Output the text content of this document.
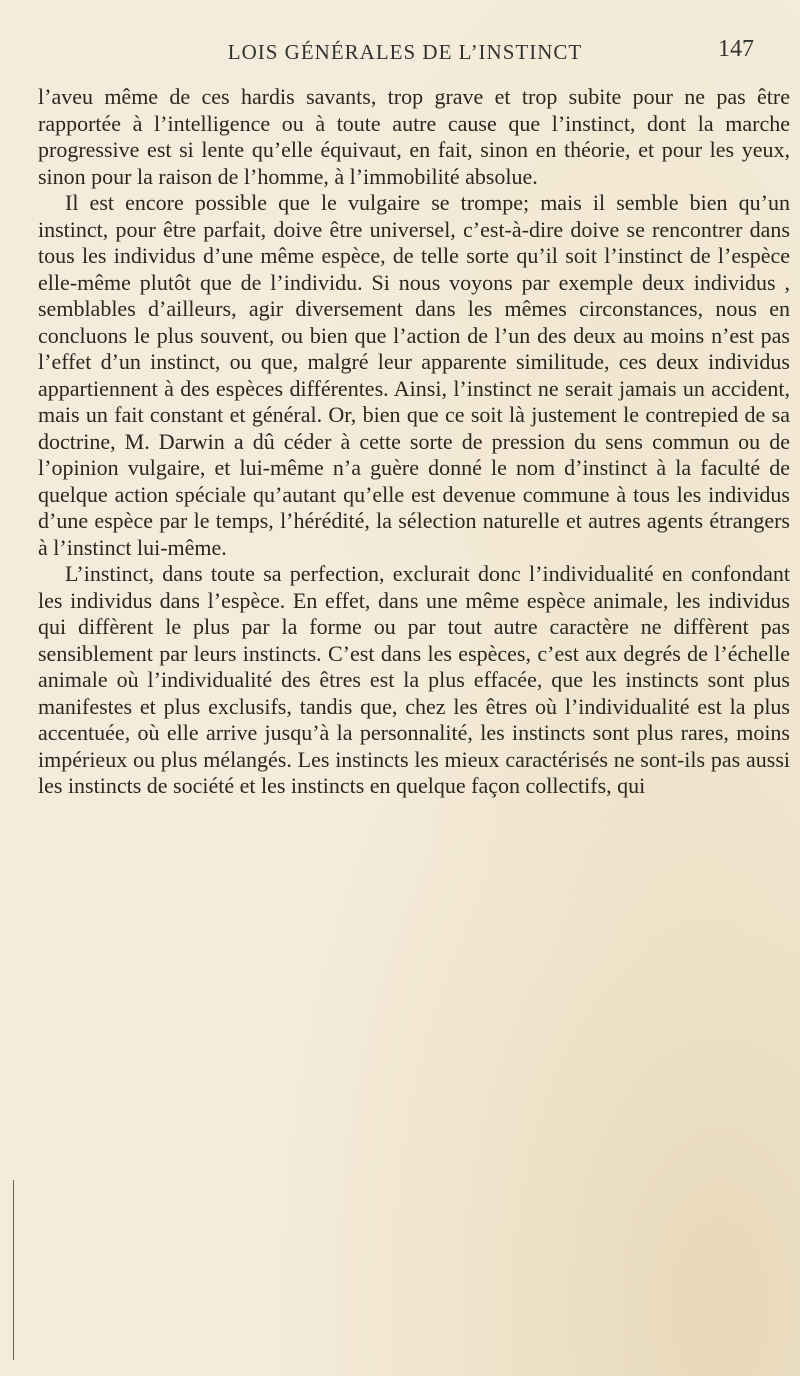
LOIS GÉNÉRALES DE L’INSTINCT	147

l’aveu même de ces hardis savants, trop grave et trop subite pour ne pas être rapportée à l’intelligence ou à toute autre cause que l’instinct, dont la marche progressive est si lente qu’elle équivaut, en fait, sinon en théorie, et pour les yeux, sinon pour la raison de l’homme, à l’immobilité absolue.

Il est encore possible que le vulgaire se trompe; mais il semble bien qu’un instinct, pour être parfait, doive être universel, c’est-à-dire doive se rencontrer dans tous les individus d’une même espèce, de telle sorte qu’il soit l’instinct de l’espèce elle-même plutôt que de l’individu. Si nous voyons par exemple deux individus , semblables d’ailleurs, agir diversement dans les mêmes circonstances, nous en concluons le plus souvent, ou bien que l’action de l’un des deux au moins n’est pas l’effet d’un instinct, ou que, malgré leur apparente similitude, ces deux individus appartiennent à des espèces différentes. Ainsi, l’instinct ne serait jamais un accident, mais un fait constant et général. Or, bien que ce soit là justement le contrepied de sa doctrine, M. Darwin a dû céder à cette sorte de pression du sens commun ou de l’opinion vulgaire, et lui-même n’a guère donné le nom d’instinct à la faculté de quelque action spéciale qu’autant qu’elle est devenue commune à tous les individus d’une espèce par le temps, l’hérédité, la sélection naturelle et autres agents étrangers à l’instinct lui-même.

L’instinct, dans toute sa perfection, exclurait donc l’individualité en confondant les individus dans l’espèce. En effet, dans une même espèce animale, les individus qui diffèrent le plus par la forme ou par tout autre caractère ne diffèrent pas sensiblement par leurs instincts. C’est dans les espèces, c’est aux degrés de l’échelle animale où l’individualité des êtres est la plus effacée, que les instincts sont plus manifestes et plus exclusifs, tandis que, chez les êtres où l’individualité est la plus accentuée, où elle arrive jusqu’à la personnalité, les instincts sont plus rares, moins impérieux ou plus mélangés. Les instincts les mieux caractérisés ne sont-ils pas aussi les instincts de société et les instincts en quelque façon collectifs, qui
